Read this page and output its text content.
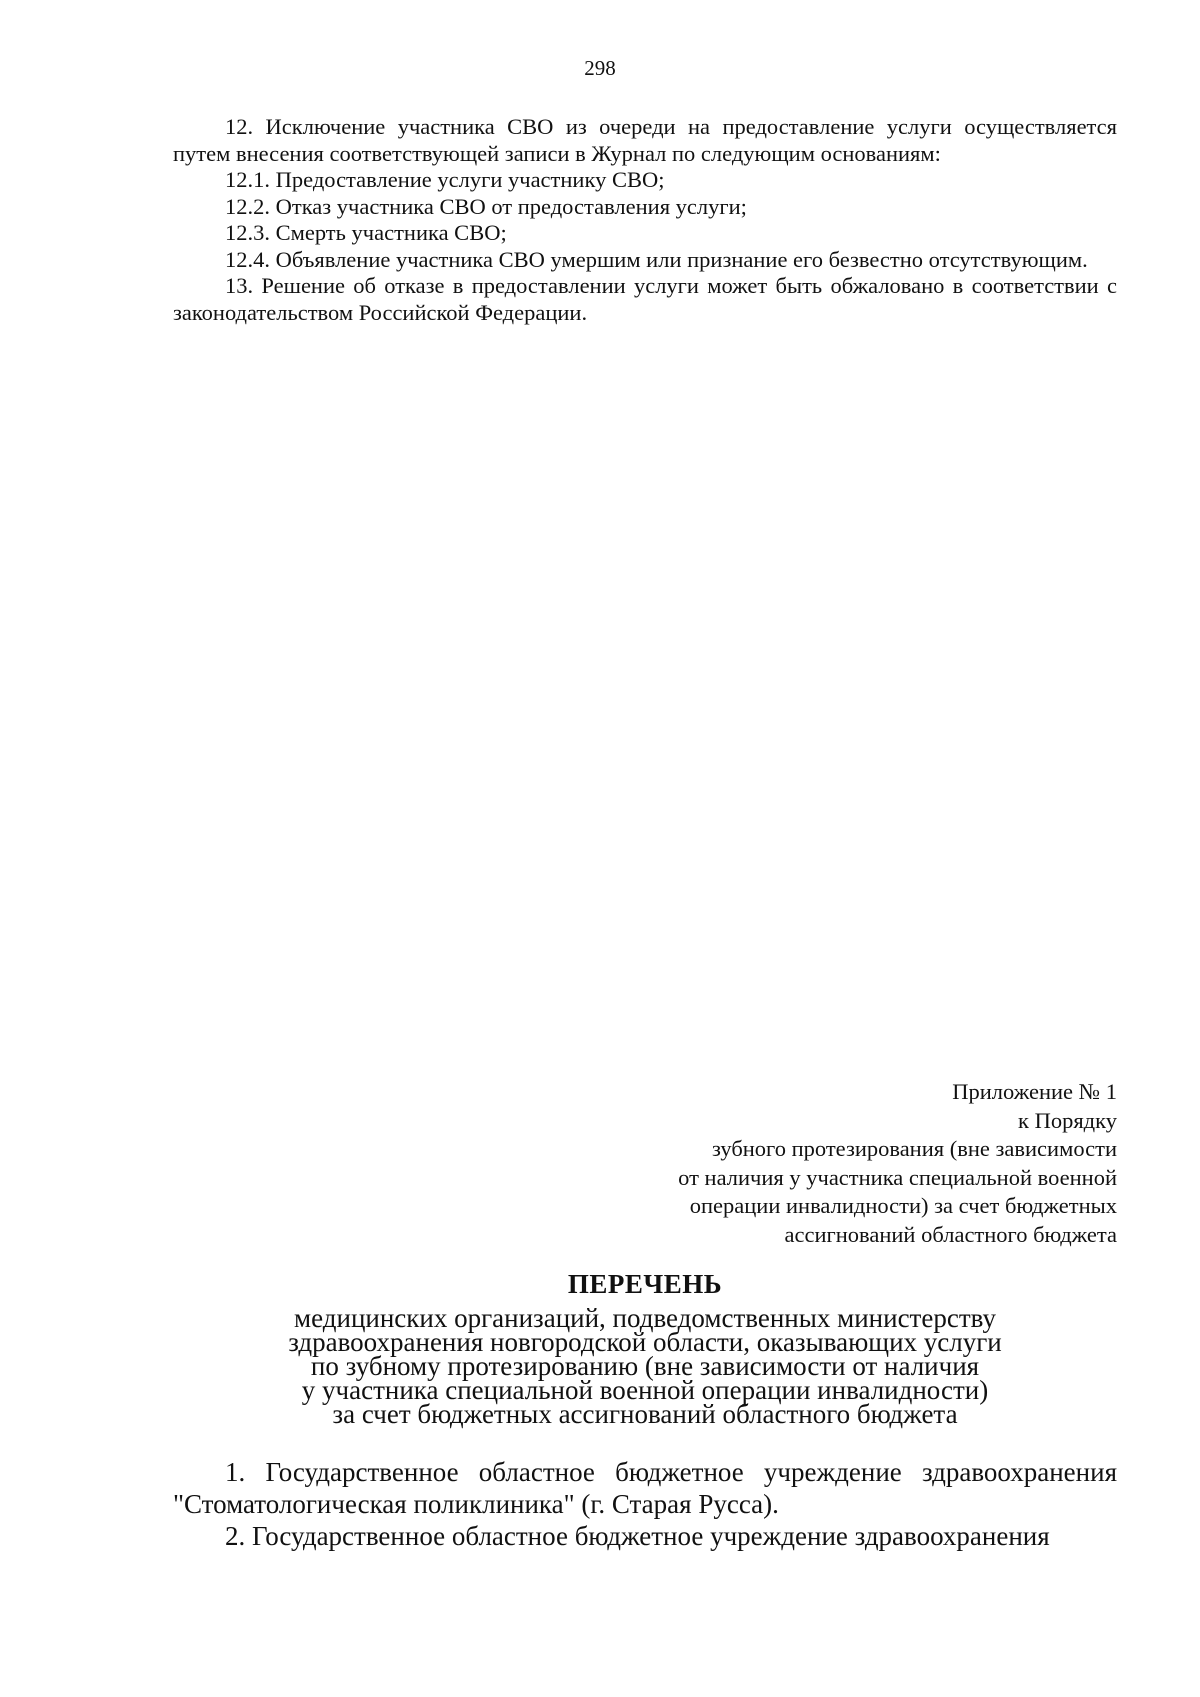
298

12. Исключение участника СВО из очереди на предоставление услуги осуществляется путем внесения соответствующей записи в Журнал по следующим основаниям:

12.1. Предоставление услуги участнику СВО;

12.2. Отказ участника СВО от предоставления услуги;

12.3. Смерть участника СВО;

12.4. Объявление участника СВО умершим или признание его безвестно отсутствующим.

13. Решение об отказе в предоставлении услуги может быть обжаловано в соответствии с законодательством Российской Федерации.

Приложение № 1
к Порядку
зубного протезирования (вне зависимости
от наличия у участника специальной военной
операции инвалидности) за счет бюджетных
ассигнований областного бюджета
ПЕРЕЧЕНЬ
медицинских организаций, подведомственных министерству
здравоохранения новгородской области, оказывающих услуги
по зубному протезированию (вне зависимости от наличия
у участника специальной военной операции инвалидности)
за счет бюджетных ассигнований областного бюджета

1. Государственное областное бюджетное учреждение здравоохранения "Стоматологическая поликлиника" (г. Старая Русса).

2. Государственное областное бюджетное учреждение здравоохранения
